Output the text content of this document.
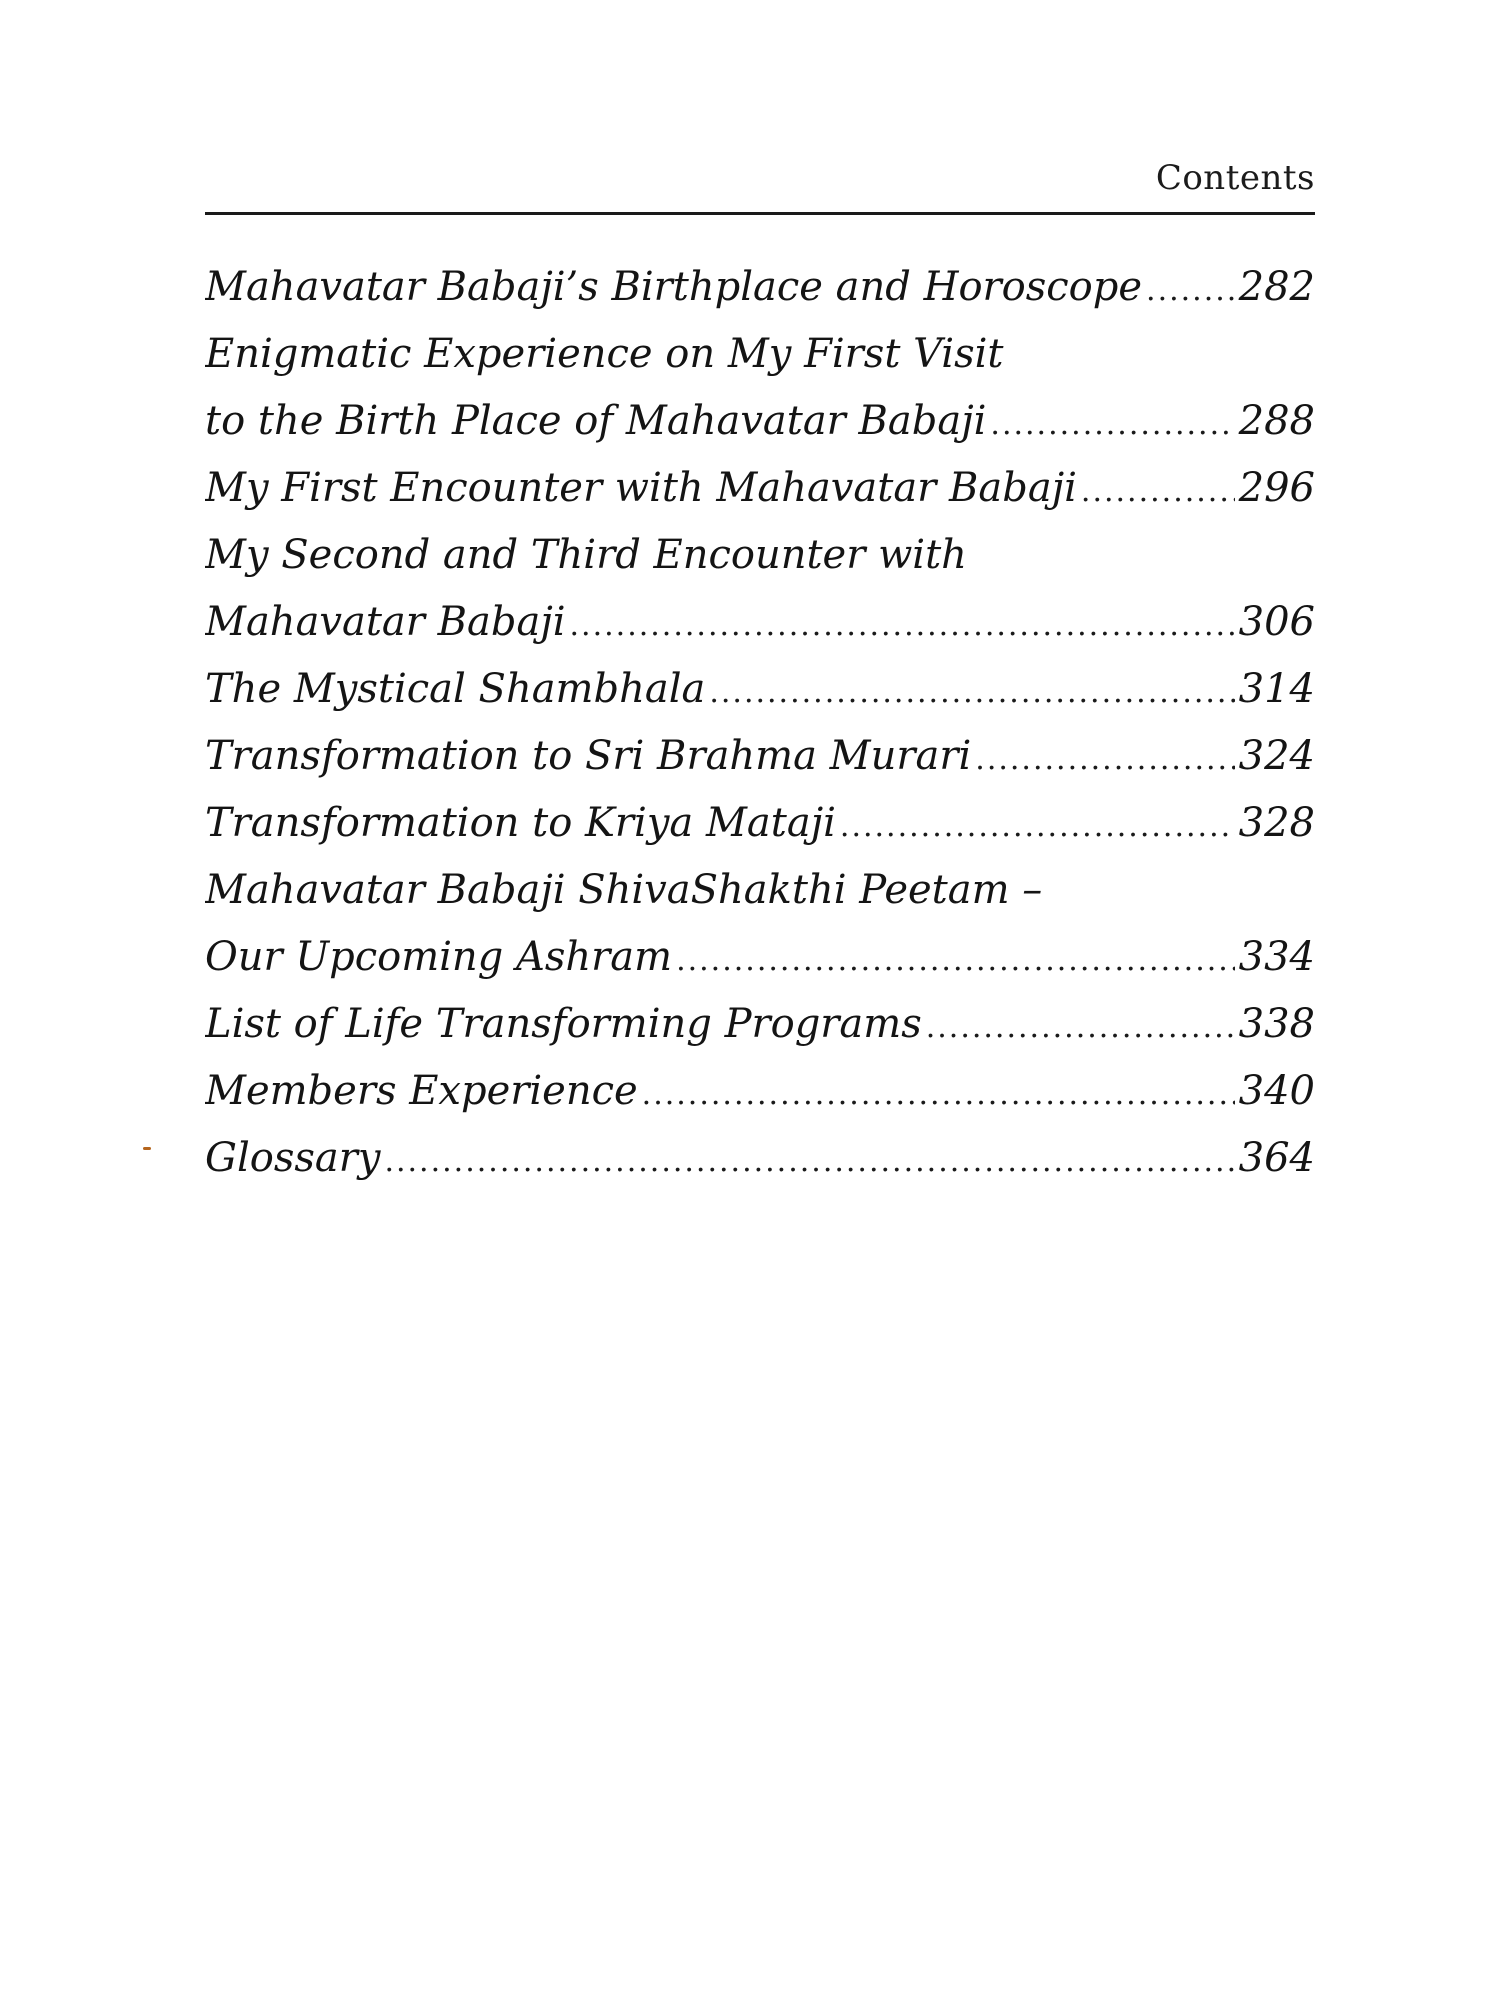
Contents
Mahavatar Babaji’s Birthplace and Horoscope ..... 282
Enigmatic Experience on My First Visit
to the Birth Place of Mahavatar Babaji .....	288
My First Encounter with Mahavatar Babaji .....	296
My Second and Third Encounter with
Mahavatar Babaji .....	306
The Mystical Shambhala .....	314
Transformation to Sri Brahma Murari .....	324
Transformation to Kriya Mataji .....	328
Mahavatar Babaji ShivaShakthi Peetam –
Our Upcoming Ashram .....	334
List of Life Transforming Programs .....	338
Members Experience .....	340
Glossary .....	364
